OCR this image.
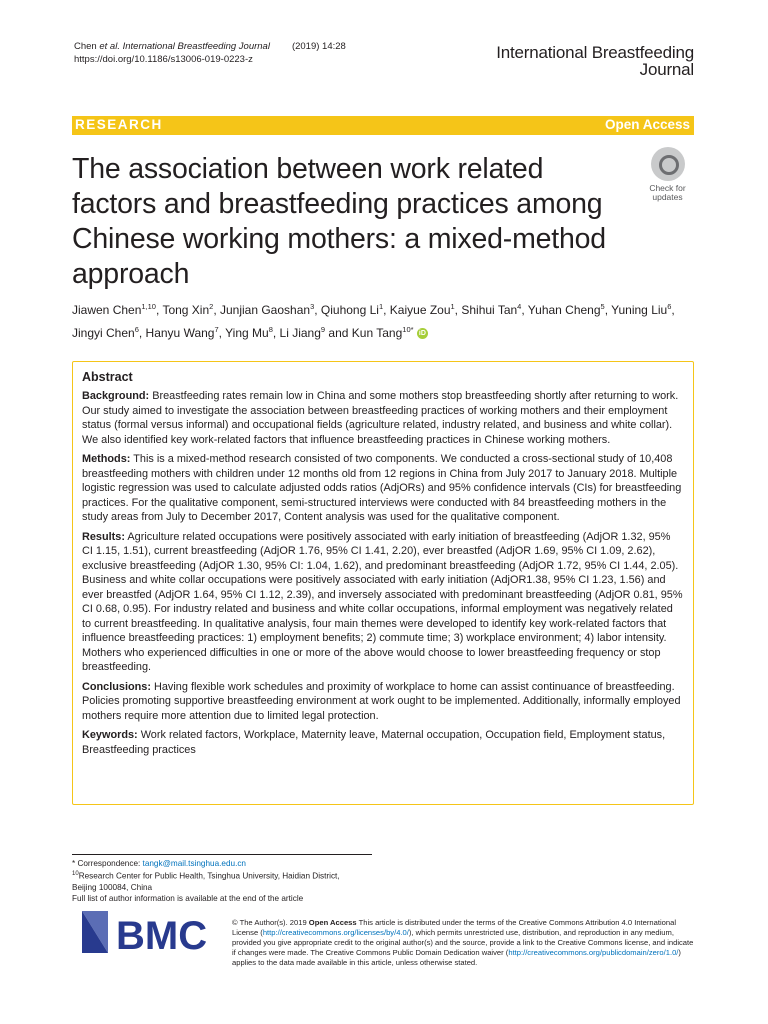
Chen et al. International Breastfeeding Journal (2019) 14:28
https://doi.org/10.1186/s13006-019-0223-z	International Breastfeeding
Journal
RESEARCH	Open Access
The association between work related factors and breastfeeding practices among Chinese working mothers: a mixed-method approach
Check for
updates
Jiawen Chen$^{1,10}$, Tong Xin$^2$, Junjian Gaoshan$^3$, Qiuhong Li$^1$, Kaiyue Zou$^1$, Shihui Tan$^4$, Yuhan Cheng$^5$, Yuning Liu$^6$, Jingyi Chen$^6$, Hanyu Wang$^7$, Ying Mu$^8$, Li Jiang$^9$ and Kun Tang$^{10*}$ iD
Abstract

Background: Breastfeeding rates remain low in China and some mothers stop breastfeeding shortly after returning to work. Our study aimed to investigate the association between breastfeeding practices of working mothers and their employment status (formal versus informal) and occupational fields (agriculture related, industry related, and business and white collar). We also identified key work-related factors that influence breastfeeding practices in Chinese working mothers.

Methods: This is a mixed-method research consisted of two components. We conducted a cross-sectional study of 10,408 breastfeeding mothers with children under 12 months old from 12 regions in China from July 2017 to January 2018. Multiple logistic regression was used to calculate adjusted odds ratios (AdjORs) and 95% confidence intervals (CIs) for breastfeeding practices. For the qualitative component, semi-structured interviews were conducted with 84 breastfeeding mothers in the study areas from July to December 2017, Content analysis was used for the qualitative component.

Results: Agriculture related occupations were positively associated with early initiation of breastfeeding (AdjOR 1.32, 95% CI 1.15, 1.51), current breastfeeding (AdjOR 1.76, 95% CI 1.41, 2.20), ever breastfed (AdjOR 1.69, 95% CI 1.09, 2.62), exclusive breastfeeding (AdjOR 1.30, 95% CI: 1.04, 1.62), and predominant breastfeeding (AdjOR 1.72, 95% CI 1.44, 2.05). Business and white collar occupations were positively associated with early initiation (AdjOR1.38, 95% CI 1.23, 1.56) and ever breastfed (AdjOR 1.64, 95% CI 1.12, 2.39), and inversely associated with predominant breastfeeding (AdjOR 0.81, 95% CI 0.68, 0.95). For industry related and business and white collar occupations, informal employment was negatively related to current breastfeeding. In qualitative analysis, four main themes were developed to identify key work-related factors that influence breastfeeding practices: 1) employment benefits; 2) commute time; 3) workplace environment; 4) labor intensity. Mothers who experienced difficulties in one or more of the above would choose to lower breastfeeding frequency or stop breastfeeding.

Conclusions: Having flexible work schedules and proximity of workplace to home can assist continuance of breastfeeding. Policies promoting supportive breastfeeding environment at work ought to be implemented. Additionally, informally employed mothers require more attention due to limited legal protection.

Keywords: Work related factors, Workplace, Maternity leave, Maternal occupation, Occupation field, Employment status, Breastfeeding practices

* Correspondence: tangk@mail.tsinghua.edu.cn
$^{10}$Research Center for Public Health, Tsinghua University, Haidian District,
Beijing 100084, China
Full list of author information is available at the end of the article
BMC	© The Author(s). 2019 Open Access This article is distributed under the terms of the Creative Commons Attribution 4.0 International License (http://creativecommons.org/licenses/by/4.0/), which permits unrestricted use, distribution, and reproduction in any medium, provided you give appropriate credit to the original author(s) and the source, provide a link to the Creative Commons license, and indicate if changes were made. The Creative Commons Public Domain Dedication waiver (http://creativecommons.org/publicdomain/zero/1.0/) applies to the data made available in this article, unless otherwise stated.
